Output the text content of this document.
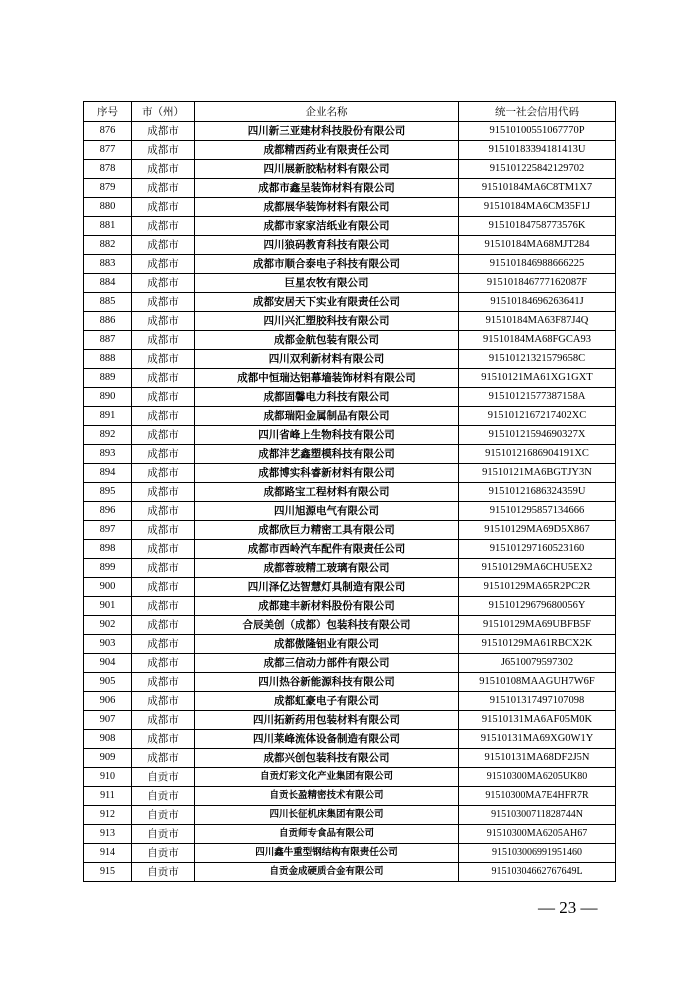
序号	市（州）	企业名称	统一社会信用代码
876	成都市	四川新三亚建材科技股份有限公司	91510100551067770P
877	成都市	成都精西药业有限责任公司	91510183394181413U
878	成都市	四川展新胶粘材料有限公司	915101225842129702
879	成都市	成都市鑫呈装饰材料有限公司	91510184MA6C8TM1X7
880	成都市	成都展华装饰材料有限公司	91510184MA6CM35F1J
881	成都市	成都市家家洁纸业有限公司	91510184758773576K
882	成都市	四川狼码教育科技有限公司	91510184MA68MJT284
883	成都市	成都市顺合泰电子科技有限公司	915101846988666225
884	成都市	巨星农牧有限公司	915101846777162087F
885	成都市	成都安居天下实业有限责任公司	91510184696263641J
886	成都市	四川兴汇塑胶科技有限公司	91510184MA63F87J4Q
887	成都市	成都金航包装有限公司	91510184MA68FGCA93
888	成都市	四川双利新材料有限公司	91510121321579658C
889	成都市	成都中恒瑞达铝幕墙装饰材料有限公司	91510121MA61XG1GXT
890	成都市	成都固馨电力科技有限公司	91510121577387158A
891	成都市	成都瑞阳金属制品有限公司	9151012167217402XC
892	成都市	四川省峰上生物科技有限公司	91510121594690327X
893	成都市	成都沣艺鑫塑模科技有限公司	91510121686904191XC
894	成都市	成都博实科睿新材料有限公司	91510121MA6BGTJY3N
895	成都市	成都路宝工程材料有限公司	91510121686324359U
896	成都市	四川旭源电气有限公司	915101295857134666
897	成都市	成都欣巨力精密工具有限公司	91510129MA69D5X867
898	成都市	成都市西岭汽车配件有限责任公司	915101297160523160
899	成都市	成都蓉玻精工玻璃有限公司	91510129MA6CHU5EX2
900	成都市	四川泽亿达智慧灯具制造有限公司	91510129MA65R2PC2R
901	成都市	成都建丰新材料股份有限公司	91510129679680056Y
902	成都市	合辰美创（成都）包装科技有限公司	91510129MA69UBFB5F
903	成都市	成都傲隆铝业有限公司	91510129MA61RBCX2K
904	成都市	成都三信动力部件有限公司	J6510079597302
905	成都市	四川热谷新能源科技有限公司	91510108MAAGUH7W6F
906	成都市	成都虹豪电子有限公司	915101317497107098
907	成都市	四川拓新药用包装材料有限公司	91510131MA6AF05M0K
908	成都市	四川莱峰流体设备制造有限公司	91510131MA69XG0W1Y
909	成都市	成都兴创包装科技有限公司	91510131MA68DF2J5N
910	自贡市	自贡灯彩文化产业集团有限公司	91510300MA6205UK80
911	自贡市	自贡长盈精密技术有限公司	91510300MA7E4HFR7R
912	自贡市	四川长征机床集团有限公司	91510300711828744N
913	自贡市	自贡师专食品有限公司	91510300MA6205AH67
914	自贡市	四川鑫牛重型钢结构有限责任公司	915103006991951460
915	自贡市	自贡金成硬质合金有限公司	91510304662767649L
— 23 —
